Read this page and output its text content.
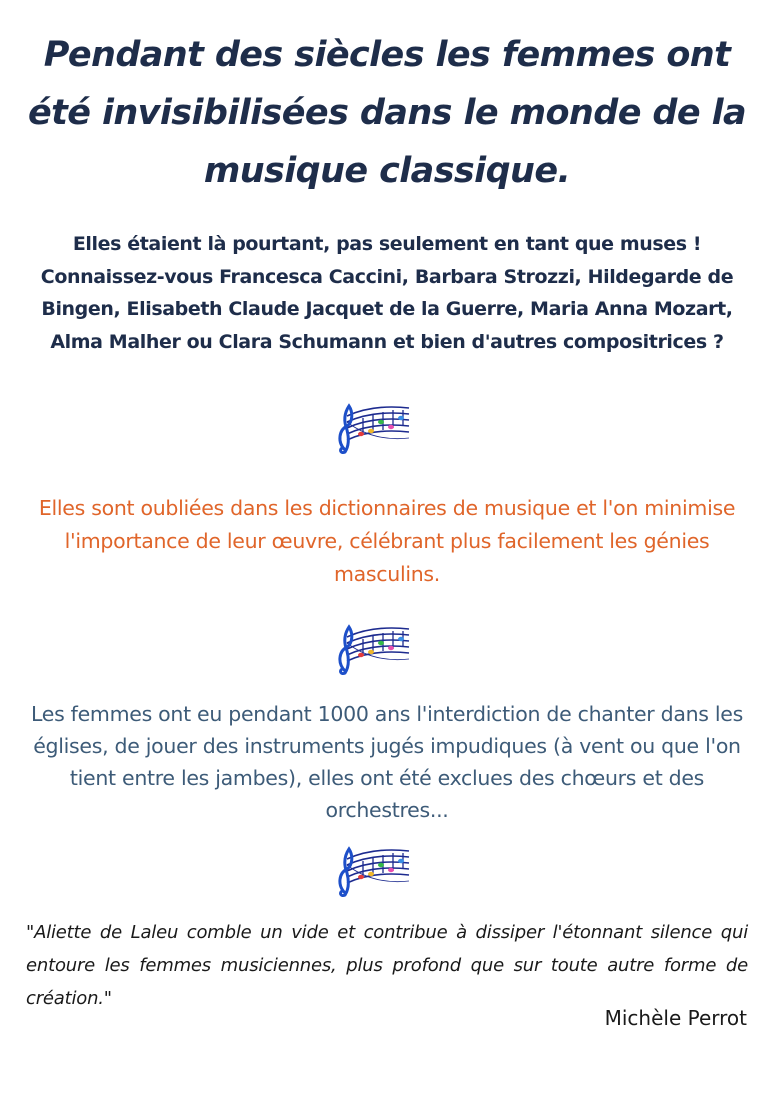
Pendant des siècles les femmes ont été invisibilisées dans le monde de la musique classique.

Elles étaient là pourtant, pas seulement en tant que muses ! Connaissez-vous Francesca Caccini, Barbara Strozzi, Hildegarde de Bingen, Elisabeth Claude Jacquet de la Guerre, Maria Anna Mozart, Alma Malher ou Clara Schumann et bien d'autres compositrices ?

Elles sont oubliées dans les dictionnaires de musique et l'on minimise l'importance de leur œuvre, célébrant plus facilement les génies masculins.

Les femmes ont eu pendant 1000 ans l'interdiction de chanter dans les églises, de jouer des instruments jugés impudiques (à vent ou que l'on tient entre les jambes), elles ont été exclues des chœurs et des orchestres...

"Aliette de Laleu comble un vide et contribue à dissiper l'étonnant silence qui entoure les femmes musiciennes, plus profond que sur toute autre forme de création."

Michèle Perrot
